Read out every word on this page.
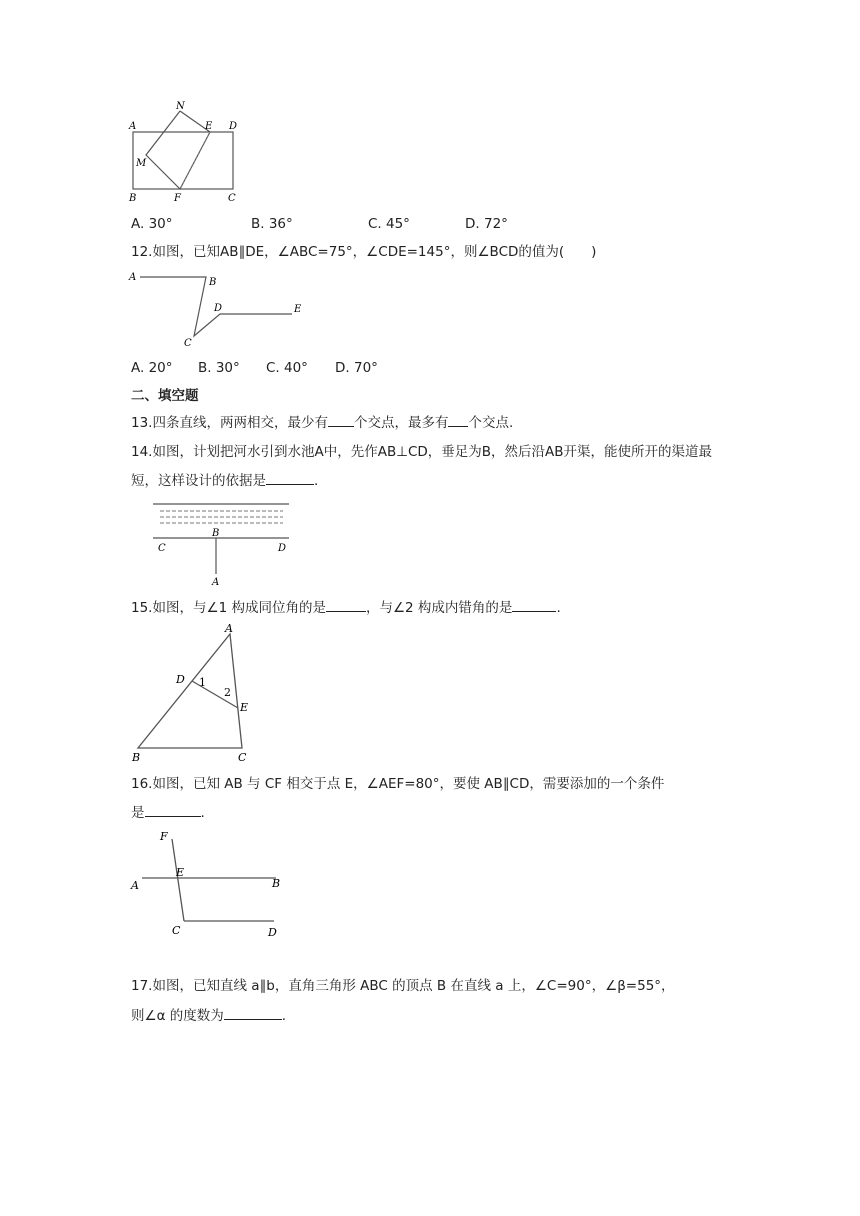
N
A	E D
M
B	F	C
A. 30°	B. 36°	C. 45°	D. 72°
12.如图，已知AB∥DE，∠ABC=75°，∠CDE=145°，则∠BCD的值为(　　)
A	B
D	E
C
A. 20° B. 30° C. 40° D. 70°
二、填空题
13.四条直线，两两相交，最少有 个交点，最多有 个交点.
14.如图，计划把河水引到水池A中，先作AB⊥CD，垂足为B，然后沿AB开渠，能使所开的渠道最
短，这样设计的依据是	.
C
B
D
A
15.如图，与∠1 构成同位角的是	，与∠2 构成内错角的是	.
A
D 1
2
E
B	C
16.如图，已知 AB 与 CF 相交于点 E，∠AEF=80°，要使 AB∥CD，需要添加的一个条件
是	.
F
E
A	B
C	D
17.如图，已知直线 a∥b，直角三角形 ABC 的顶点 B 在直线 a 上，∠C=90°，∠β=55°，
则∠α 的度数为	.
